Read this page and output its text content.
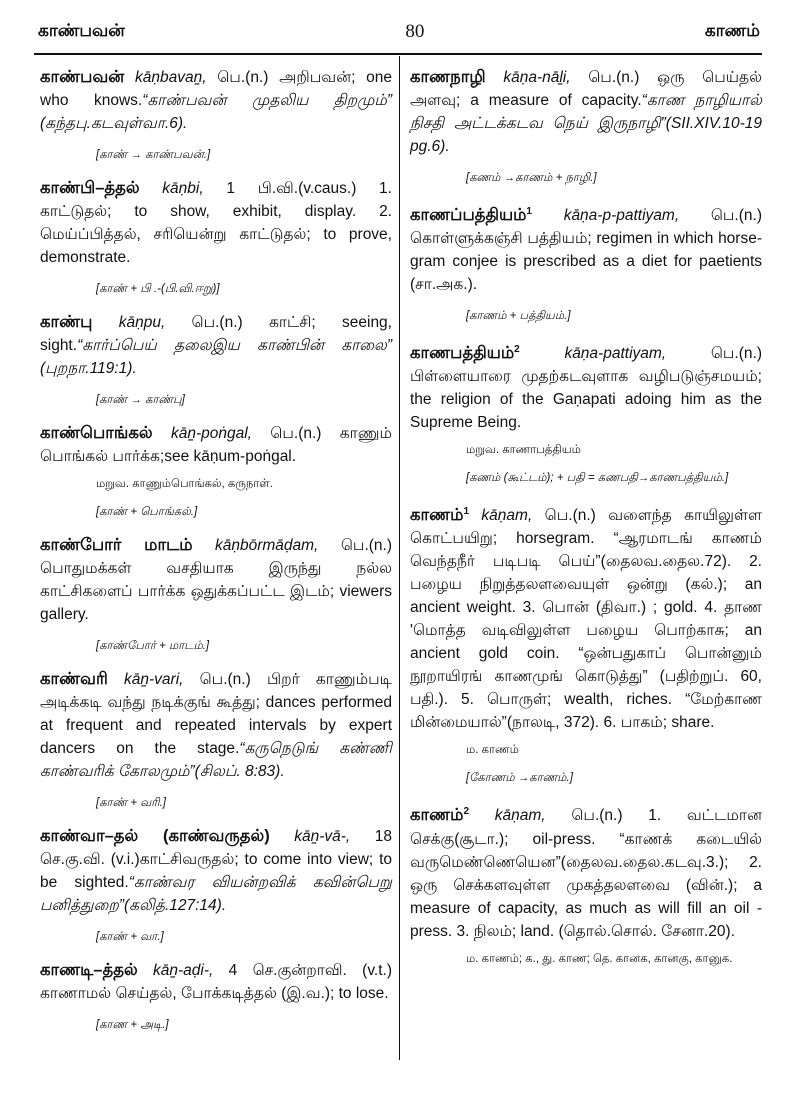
காண்பவன்	80	காணம்

காண்பவன் kāṇbavaṉ, பெ.(n.) அறிபவன்; one who knows.“காண்பவன் முதலிய திறமும்” (கந்தபு.கடவுள்வா.6).

[காண் → காண்பவன்.]

காண்பி–த்தல் kāṇbi, 1 பி.வி.(v.caus.) 1. காட்டுதல்; to show, exhibit, display. 2. மெய்ப்பித்தல், சரியென்று காட்டுதல்; to prove, demonstrate.

[காண் + பி .-(பி.வி.ஈறு)]

காண்பு kāṇpu, பெ.(n.) காட்சி; seeing, sight.“கார்ப்பெய் தலைஇய காண்பின் காலை” (புறநா.119:1).

[காண் → காண்பு]

காண்பொங்கல் kāṉ-poṅgal, பெ.(n.) காணும் பொங்கல் பார்க்க;see kāṇum-poṅgal.

மறுவ. காணும்பொங்கல், கருநாள்.
[காண் + பொங்கல்.]

காண்போர் மாடம் kāṇbōrmāḍam, பெ.(n.) பொதுமக்கள் வசதியாக இருந்து நல்ல காட்சிகளைப் பார்க்க ஒதுக்கப்பட்ட இடம்; viewers gallery.

[காண்போர் + மாடம்.]

காண்வரி kāṉ-vari, பெ.(n.) பிறர் காணும்படி அடிக்கடி வந்து நடிக்குங் கூத்து; dances performed at frequent and repeated intervals by expert dancers on the stage.“கருநெடுங் கண்ணி காண்வரிக் கோலமும்”(சிலப். 8:83).

[காண் + வரி.]

காண்வா–தல் (காண்வருதல்) kāṉ-vā-, 18 செ.கு.வி. (v.i.)காட்சிவருதல்; to come into view; to be sighted.“காண்வர வியன்றவிக் கவின்பெறு பனித்துறை”(கலித்.127:14).

[காண் + வா.]

காணடி–த்தல் kāṉ-aḍi-, 4 செ.குன்றாவி. (v.t.) காணாமல் செய்தல், போக்கடித்தல் (இ.வ.); to lose.

[காண + அடி.]

காணநாழி kāṇa-nāḻi, பெ.(n.) ஒரு பெய்தல் அளவு; a measure of capacity.“காண நாழியால் நிசதி அட்டக்கடவ நெய் இருநாழி”(SII.XIV.10-19 pg.6).

[கணம் →காணம் + நாழி.]

காணப்பத்தியம்$^1$ kāṇa-p-pattiyam, பெ.(n.) கொள்ளுக்கஞ்சி பத்தியம்; regimen in which horse-gram conjee is prescribed as a diet for paetients (சா.அக.).

[காணம் + பத்தியம்.]

காணபத்தியம்$^2$	kāṇa-pattiyam, பெ.(n.) பிள்ளையாரை முதற்கடவுளாக வழிபடுஞ்சமயம்; the religion of the Gaṇapati adoing him as the Supreme Being.

மறுவ. காணாபத்தியம்
[கணம் (கூட்டம்); + பதி = கணபதி→காணபத்தியம்.]

காணம்$^1$ kāṇam, பெ.(n.) வளைந்த காயிலுள்ள கொட்பயிறு; horsegram. “ஆரமாடங் காணம் வெந்தநீர் படிபடி பெய்”(தைலவ.தைல.72). 2. பழைய நிறுத்தலளவையுள் ஒன்று (கல்.); an ancient weight. 3. பொன் (திவா.) ; gold. 4. தாண 'மொத்த வடிவிலுள்ள பழைய பொற்காசு; an ancient gold coin. “ஒன்பதுகாப் பொன்னும் நூறாயிரங் காணமுங் கொடுத்து” (பதிற்றுப். 60, பதி.). 5. பொருள்; wealth, riches. “மேற்காண மின்மையால்”(நாலடி, 372). 6. பாகம்; share.

ம. காணம்
[கோணம் →காணம்.]

காணம்$^2$ kāṇam, பெ.(n.) 1. வட்டமான செக்கு(சூடா.); oil-press. “காணக் கடையில் வருமெண்ணெயென”(தைலவ.தைல.கடவு.3.); 2. ஒரு செக்களவுள்ள முகத்தலளவை (வின்.); a measure of capacity, as much as will fill an oil -press. 3. நிலம்; land. (தொல்.சொல். சேனா.20).

ம. காணம்; க., து. காண; தெ. கானக, கானகு, கானுக.
